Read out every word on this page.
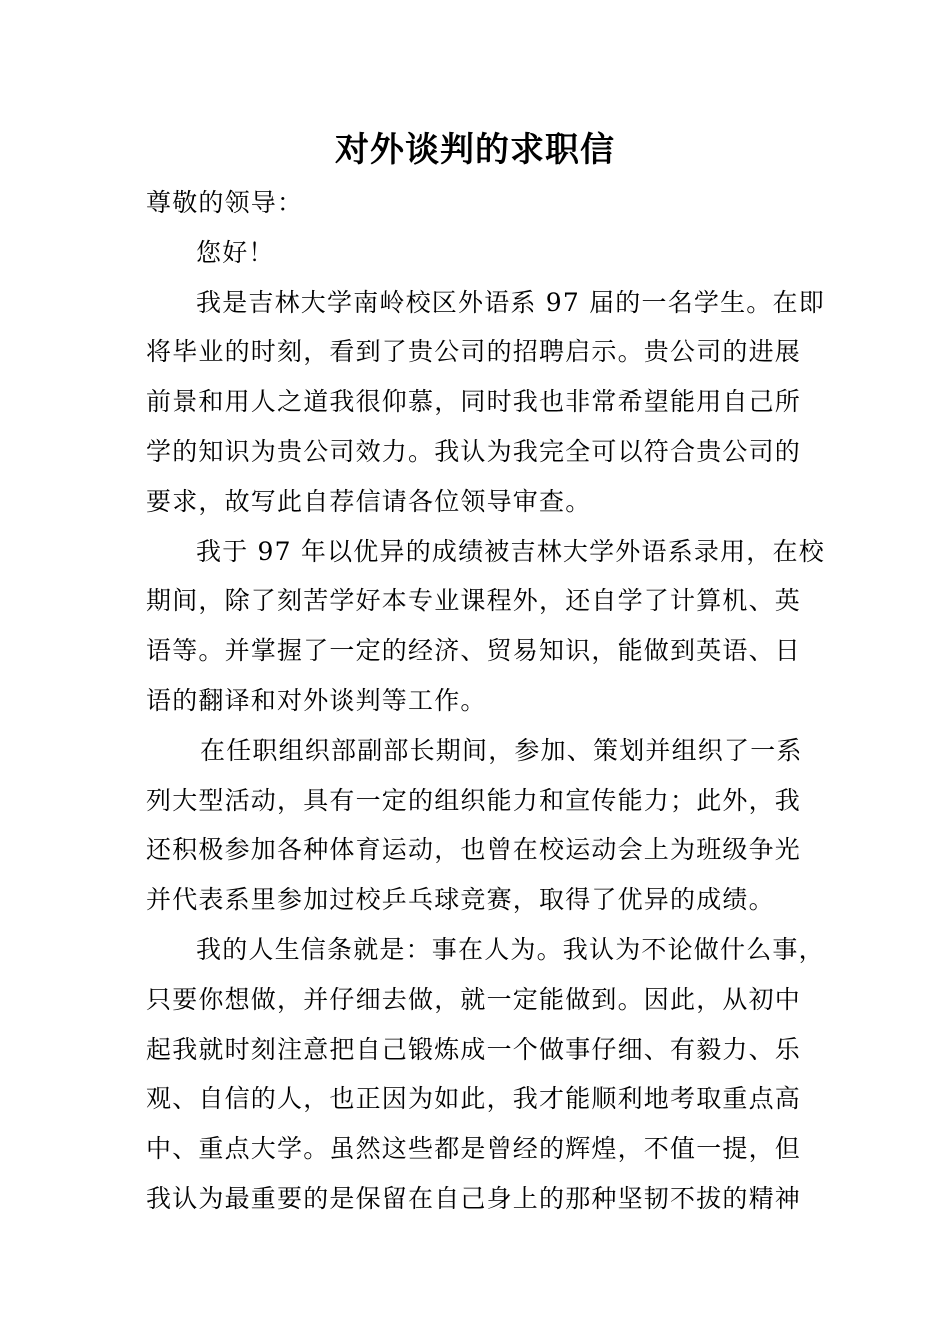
对外谈判的求职信
尊敬的领导：
您好！
我是吉林大学南岭校区外语系 97 届的一名学生。在即
将毕业的时刻，看到了贵公司的招聘启示。贵公司的进展
前景和用人之道我很仰慕，同时我也非常希望能用自己所
学的知识为贵公司效力。我认为我完全可以符合贵公司的
要求，故写此自荐信请各位领导审查。
我于 97 年以优异的成绩被吉林大学外语系录用，在校
期间，除了刻苦学好本专业课程外，还自学了计算机、英
语等。并掌握了一定的经济、贸易知识，能做到英语、日
语的翻译和对外谈判等工作。
在任职组织部副部长期间，参加、策划并组织了一系
列大型活动，具有一定的组织能力和宣传能力；此外，我
还积极参加各种体育运动，也曾在校运动会上为班级争光
并代表系里参加过校乒乓球竞赛，取得了优异的成绩。
我的人生信条就是：事在人为。我认为不论做什么事，
只要你想做，并仔细去做，就一定能做到。因此，从初中
起我就时刻注意把自己锻炼成一个做事仔细、有毅力、乐
观、自信的人，也正因为如此，我才能顺利地考取重点高
中、重点大学。虽然这些都是曾经的辉煌，不值一提，但
我认为最重要的是保留在自己身上的那种坚韧不拔的精神
